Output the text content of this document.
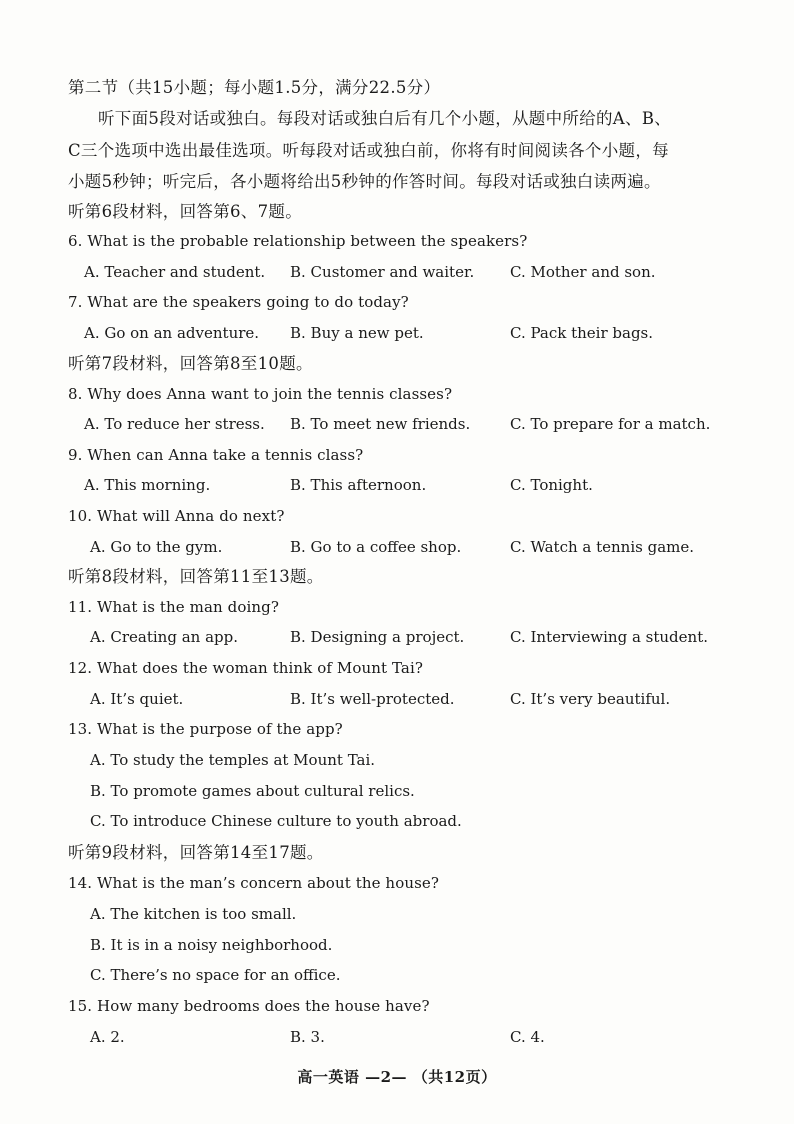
第二节（共15小题；每小题1.5分，满分22.5分）
听下面5段对话或独白。每段对话或独白后有几个小题，从题中所给的A、B、
C三个选项中选出最佳选项。听每段对话或独白前，你将有时间阅读各个小题，每
小题5秒钟；听完后，各小题将给出5秒钟的作答时间。每段对话或独白读两遍。
听第6段材料，回答第6、7题。
6. What is the probable relationship between the speakers?
A. Teacher and student. B. Customer and waiter. C. Mother and son.
7. What are the speakers going to do today?
A. Go on an adventure. B. Buy a new pet.	C. Pack their bags.
听第7段材料，回答第8至10题。
8. Why does Anna want to join the tennis classes?
A. To reduce her stress. B. To meet new friends.	C. To prepare for a match.
9. When can Anna take a tennis class?
A. This morning.	B. This afternoon.	C. Tonight.
10. What will Anna do next?
A. Go to the gym.	B. Go to a coffee shop.	C. Watch a tennis game.
听第8段材料，回答第11至13题。
11. What is the man doing?
A. Creating an app.	B. Designing a project.	C. Interviewing a student.
12. What does the woman think of Mount Tai?
A. It’s quiet.	B. It’s well-protected.	C. It’s very beautiful.
13. What is the purpose of the app?
A. To study the temples at Mount Tai.
B. To promote games about cultural relics.
C. To introduce Chinese culture to youth abroad.
听第9段材料，回答第14至17题。
14. What is the man’s concern about the house?
A. The kitchen is too small.
B. It is in a noisy neighborhood.
C. There’s no space for an office.
15. How many bedrooms does the house have?
A. 2.	B. 3.	C. 4.
高一英语 —2— （共12页）
